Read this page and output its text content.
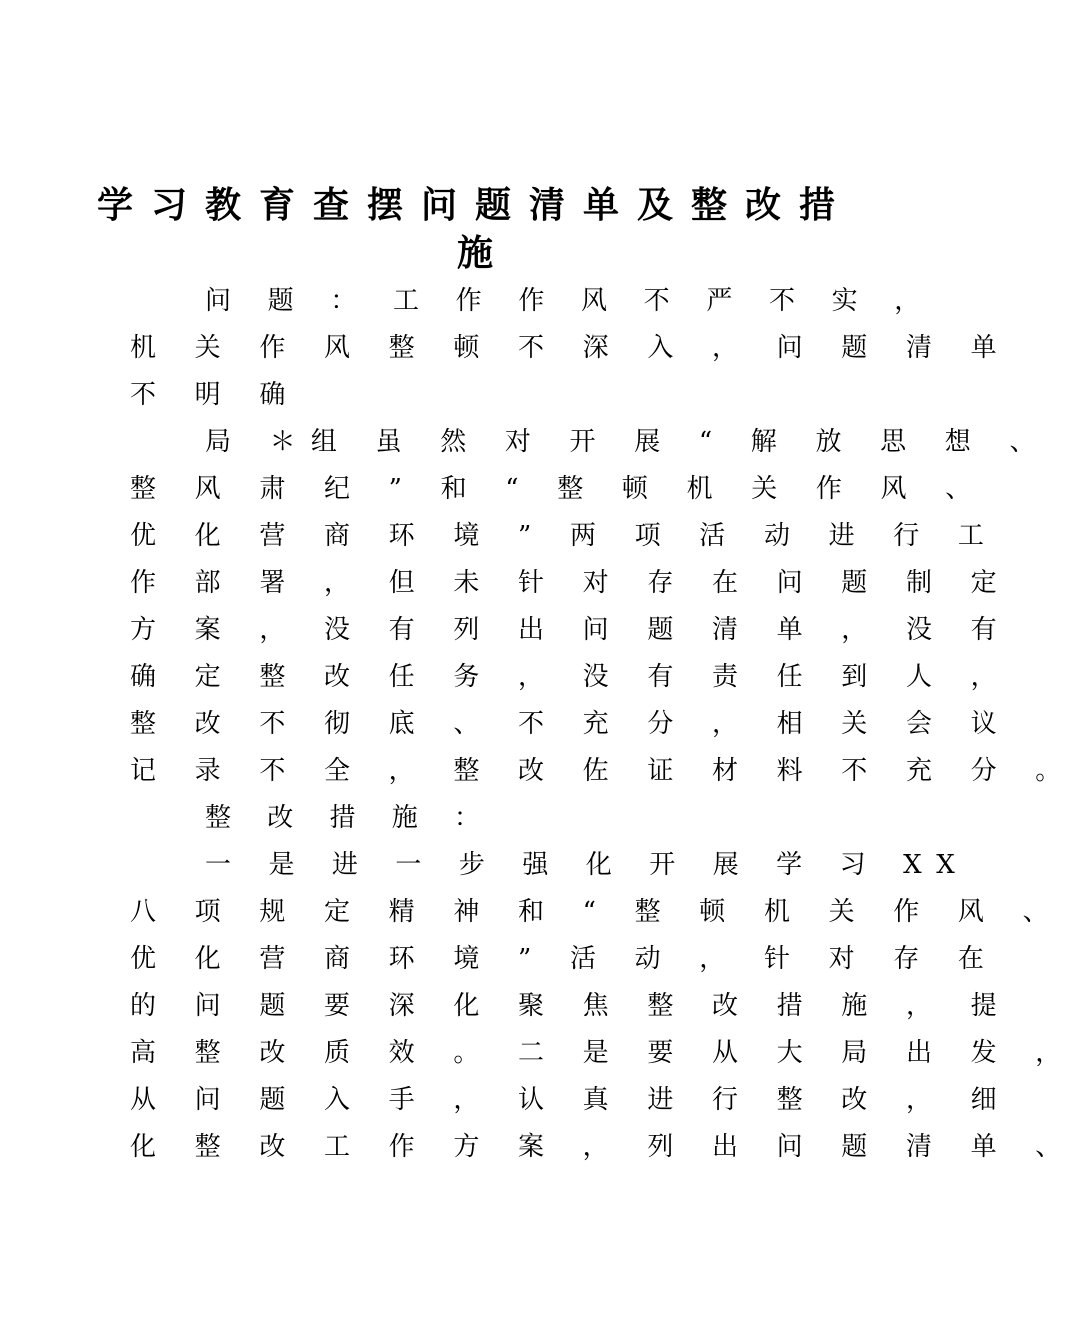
学习教育查摆问题清单及整改措
施
问 题 ： 工 作 作 风 不 严 不 实 ，
机 关 作 风 整 顿 不 深 入 ， 问 题 清 单
不 明 确
局 ＊组 虽 然 对 开 展 “ 解 放 思 想 、
整 风 肃 纪 ” 和 “ 整 顿 机 关 作 风 、
优 化 营 商 环 境 ” 两 项 活 动 进 行 工
作 部 署 ， 但 未 针 对 存 在 问 题 制 定
方 案 ， 没 有 列 出 问 题 清 单 ， 没 有
确 定 整 改 任 务 ， 没 有 责 任 到 人 ，
整 改 不 彻 底 、 不 充 分 ， 相 关 会 议
记 录 不 全 ， 整 改 佐 证 材 料 不 充 分 。
整 改 措 施 ：
一 是 进 一 步 强 化 开 展 学 习 XX
八 项 规 定 精 神 和 “ 整 顿 机 关 作 风 、
优 化 营 商 环 境 ” 活 动 ， 针 对 存 在
的 问 题 要 深 化 聚 焦 整 改 措 施 ， 提
高 整 改 质 效 。 二 是 要 从 大 局 出 发 ，
从 问 题 入 手 ， 认 真 进 行 整 改 ， 细
化 整 改 工 作 方 案 ， 列 出 问 题 清 单 、
